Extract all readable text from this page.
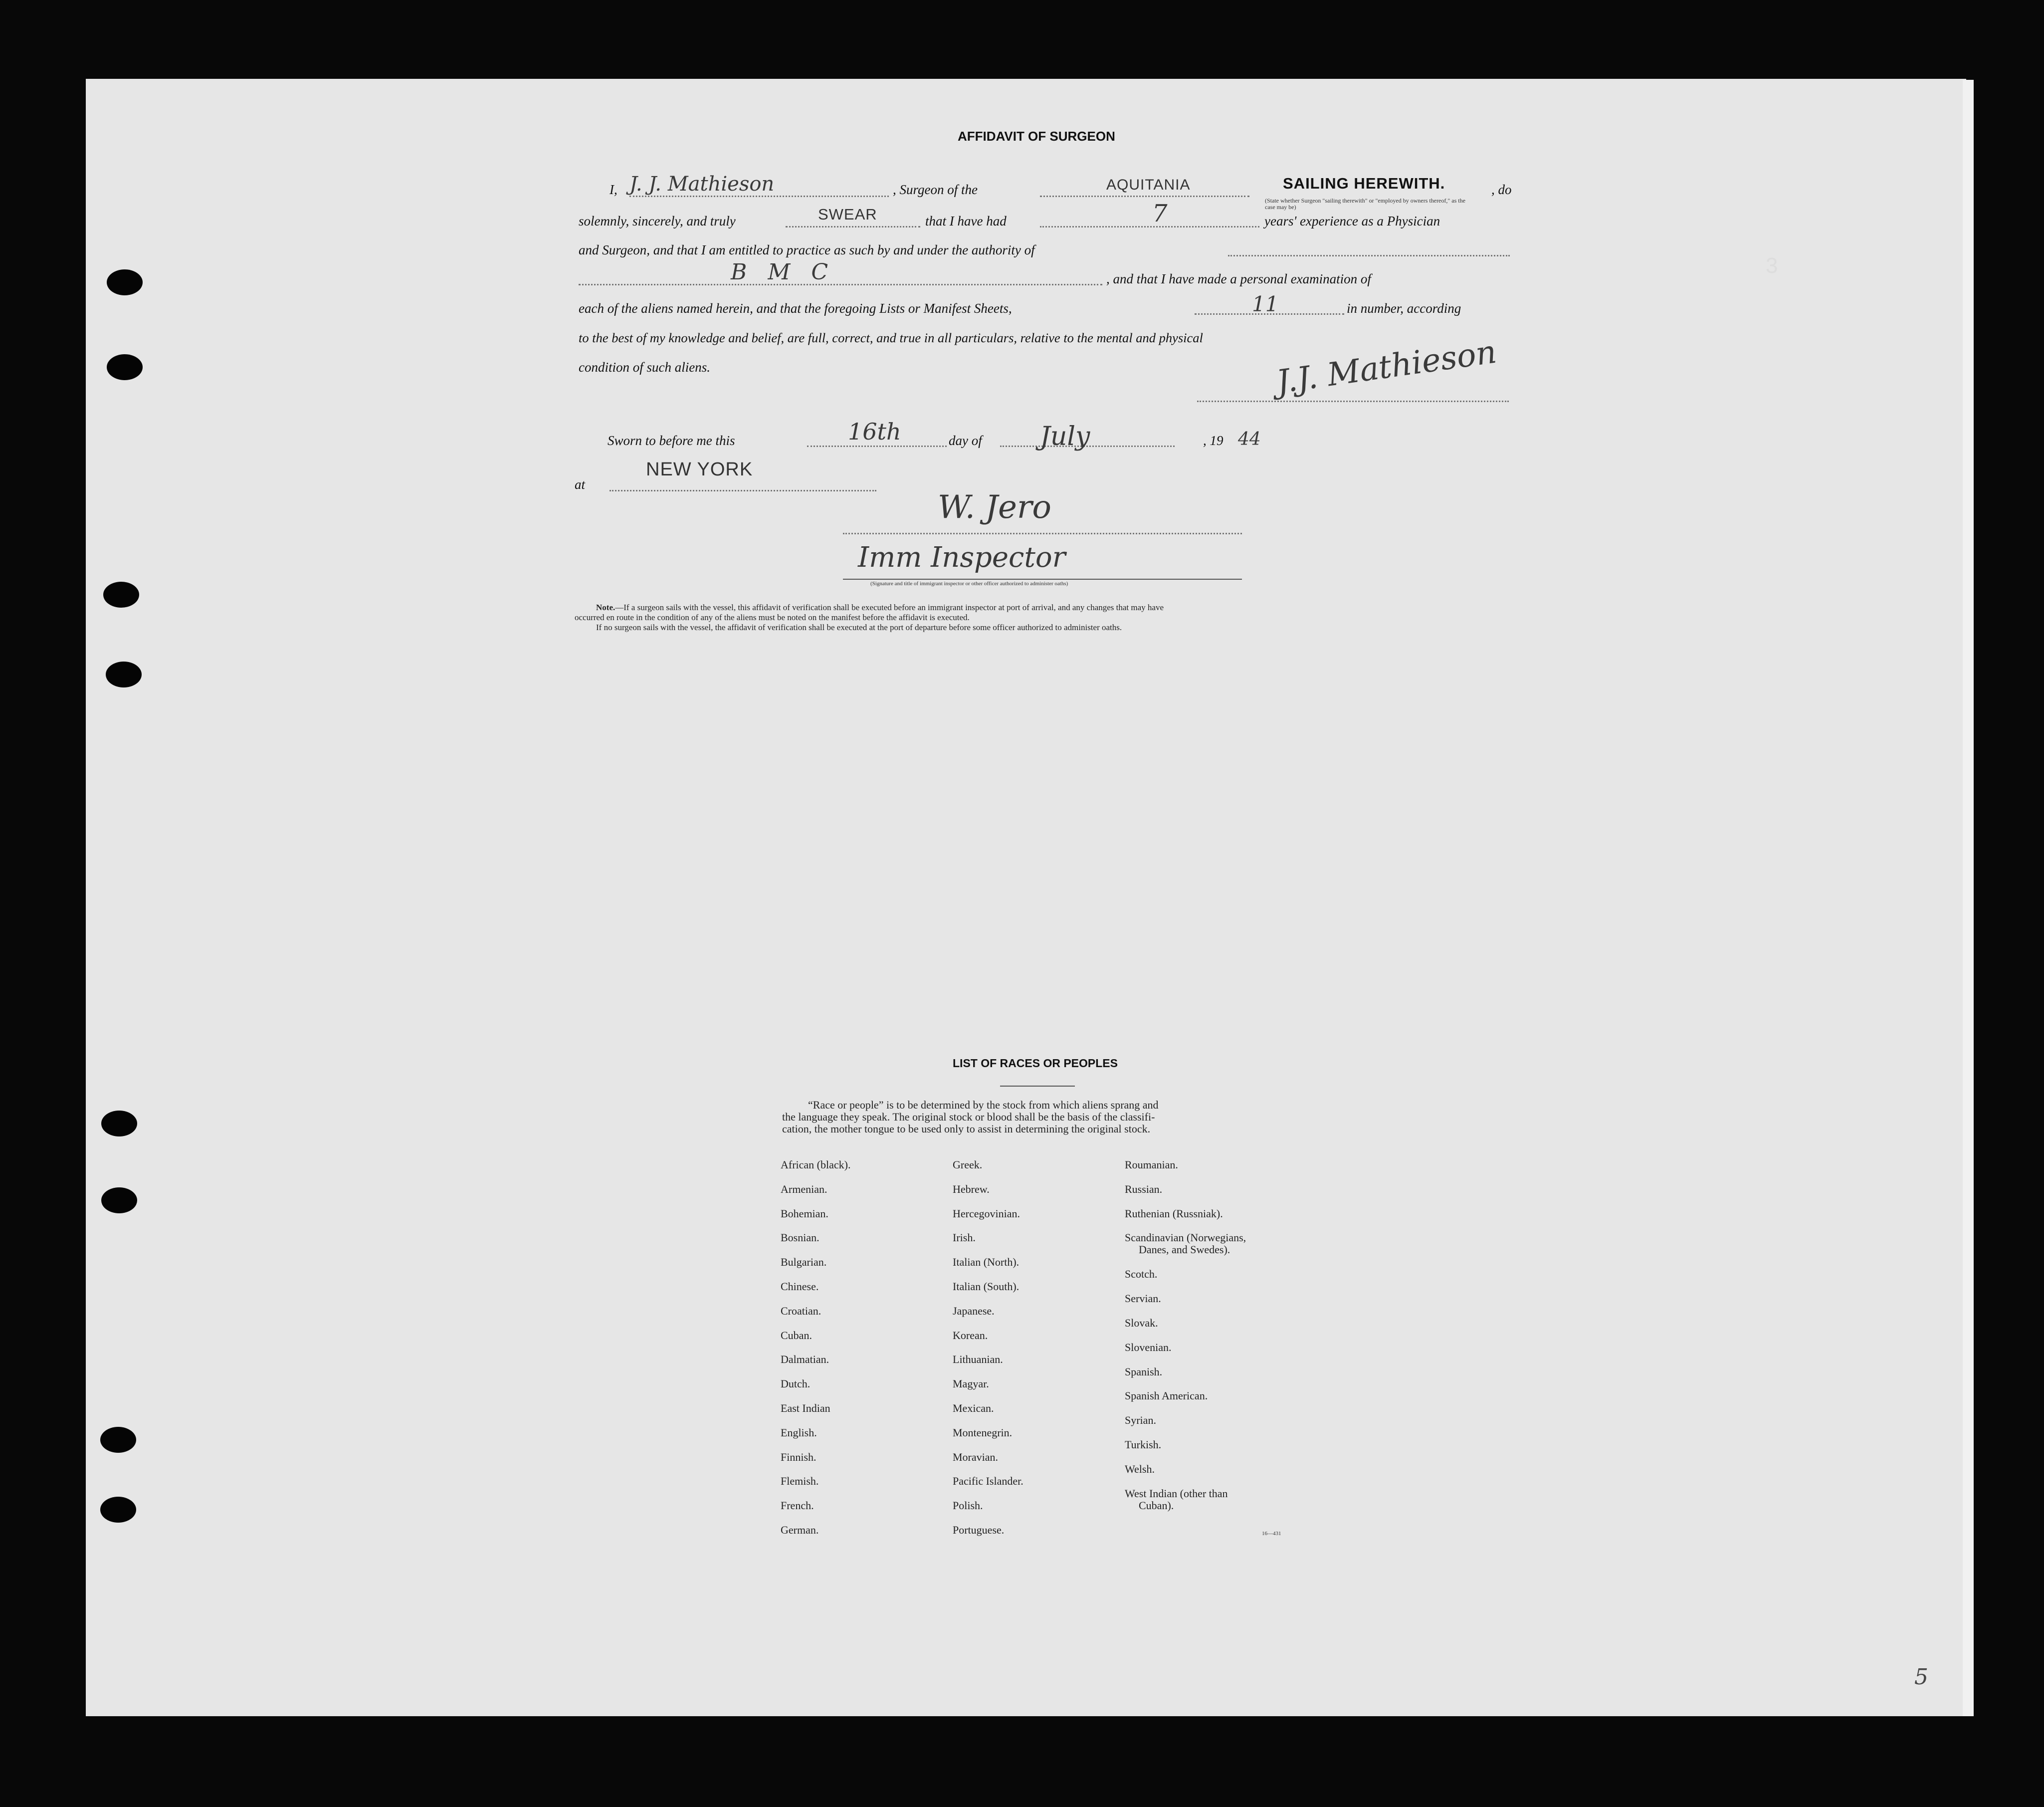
AFFIDAVIT OF SURGEON
I, J. J. Mathieson	, Surgeon of the	AQUITANIA	SAILING HEREWITH.	, do
(State whether Surgeon "sailing therewith" or "employed by owners thereof," as the case may be)
solemnly, sincerely, and truly	SWEAR	that I have had	7	years' experience as a Physician
and Surgeon, and that I am entitled to practice as such by and under the authority of
B M C	, and that I have made a personal examination of
each of the aliens named herein, and that the foregoing Lists or Manifest Sheets,	11	in number, according
to the best of my knowledge and belief, are full, correct, and true in all particulars, relative to the mental and physical
condition of such aliens.	J.J. Mathieson
Sworn to before me this	16th	day of July	, 19 44
at
NEW YORK
W. Jero
Imm Inspector
(Signature and title of immigrant inspector or other officer authorized to administer oaths)
Note.—If a surgeon sails with the vessel, this affidavit of verification shall be executed before an immigrant inspector at port of arrival, and any changes that may have
occurred en route in the condition of any of the aliens must be noted on the manifest before the affidavit is executed.
If no surgeon sails with the vessel, the affidavit of verification shall be executed at the port of departure before some officer authorized to administer oaths.
LIST OF RACES OR PEOPLES
“Race or people” is to be determined by the stock from which aliens sprang and
the language they speak. The original stock or blood shall be the basis of the classifi-
cation, the mother tongue to be used only to assist in determining the original stock.
African (black).
Armenian.
Bohemian.
Bosnian.
Bulgarian.
Chinese.
Croatian.
Cuban.
Dalmatian.
Dutch.
East Indian
English.
Finnish.
Flemish.
French.
German.
Greek.
Hebrew.
Hercegovinian.
Irish.
Italian (North).
Italian (South).
Japanese.
Korean.
Lithuanian.
Magyar.
Mexican.
Montenegrin.
Moravian.
Pacific Islander.
Polish.
Portuguese.
Roumanian.
Russian.
Ruthenian (Russniak).
Scandinavian (Norwegians,
Danes, and Swedes).
Scotch.
Servian.
Slovak.
Slovenian.
Spanish.
Spanish American.
Syrian.
Turkish.
Welsh.
West Indian (other than
Cuban).
16—431
3
5
